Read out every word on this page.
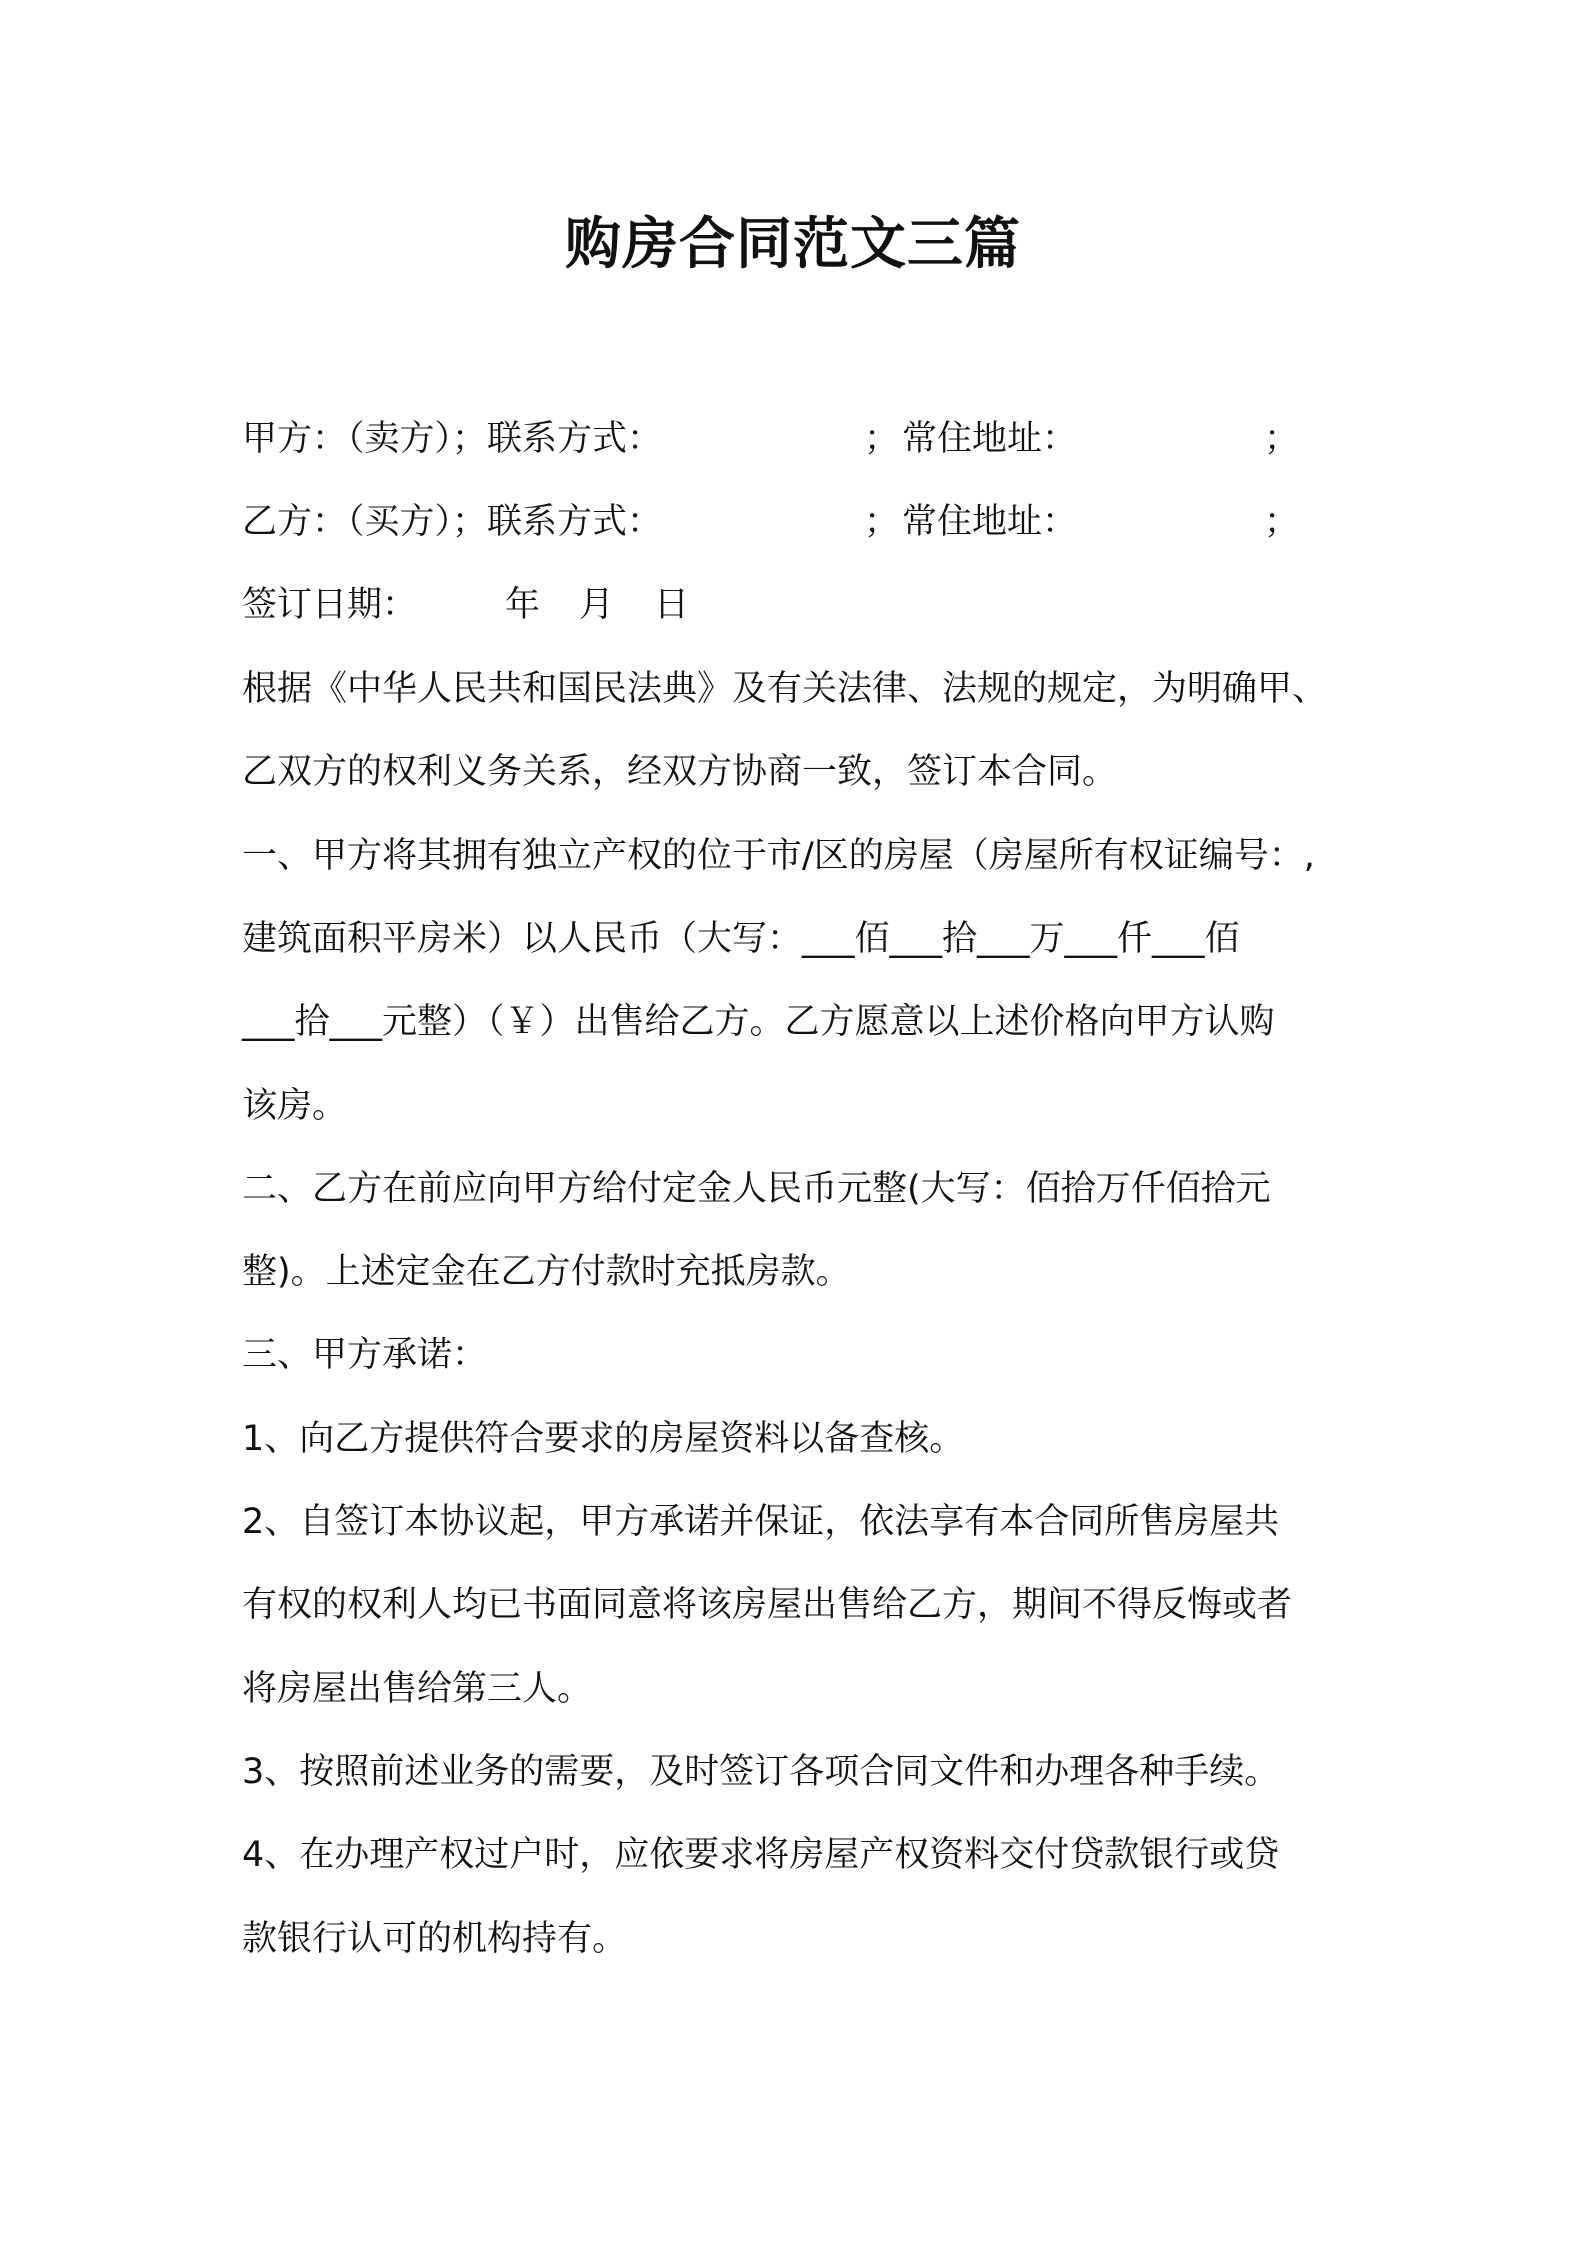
购房合同范文三篇
甲方：（卖方）；联系方式：	； 常住地址：	；
乙方：（买方）；联系方式：	； 常住地址：	；
签订日期：	年 月 日
根据《中华人民共和国民法典》及有关法律、法规的规定，为明确甲、
乙双方的权利义务关系，经双方协商一致，签订本合同。
一、甲方将其拥有独立产权的位于市/区的房屋（房屋所有权证编号：,
建筑面积平房米）以人民币（大写：___佰___拾___万___仟___佰
___拾___元整）（￥）出售给乙方。乙方愿意以上述价格向甲方认购
该房。
二、乙方在前应向甲方给付定金人民币元整(大写：佰拾万仟佰拾元
整)。上述定金在乙方付款时充抵房款。
三、甲方承诺：
1、向乙方提供符合要求的房屋资料以备查核。
2、自签订本协议起，甲方承诺并保证，依法享有本合同所售房屋共
有权的权利人均已书面同意将该房屋出售给乙方，期间不得反悔或者
将房屋出售给第三人。
3、按照前述业务的需要，及时签订各项合同文件和办理各种手续。
4、在办理产权过户时，应依要求将房屋产权资料交付贷款银行或贷
款银行认可的机构持有。
